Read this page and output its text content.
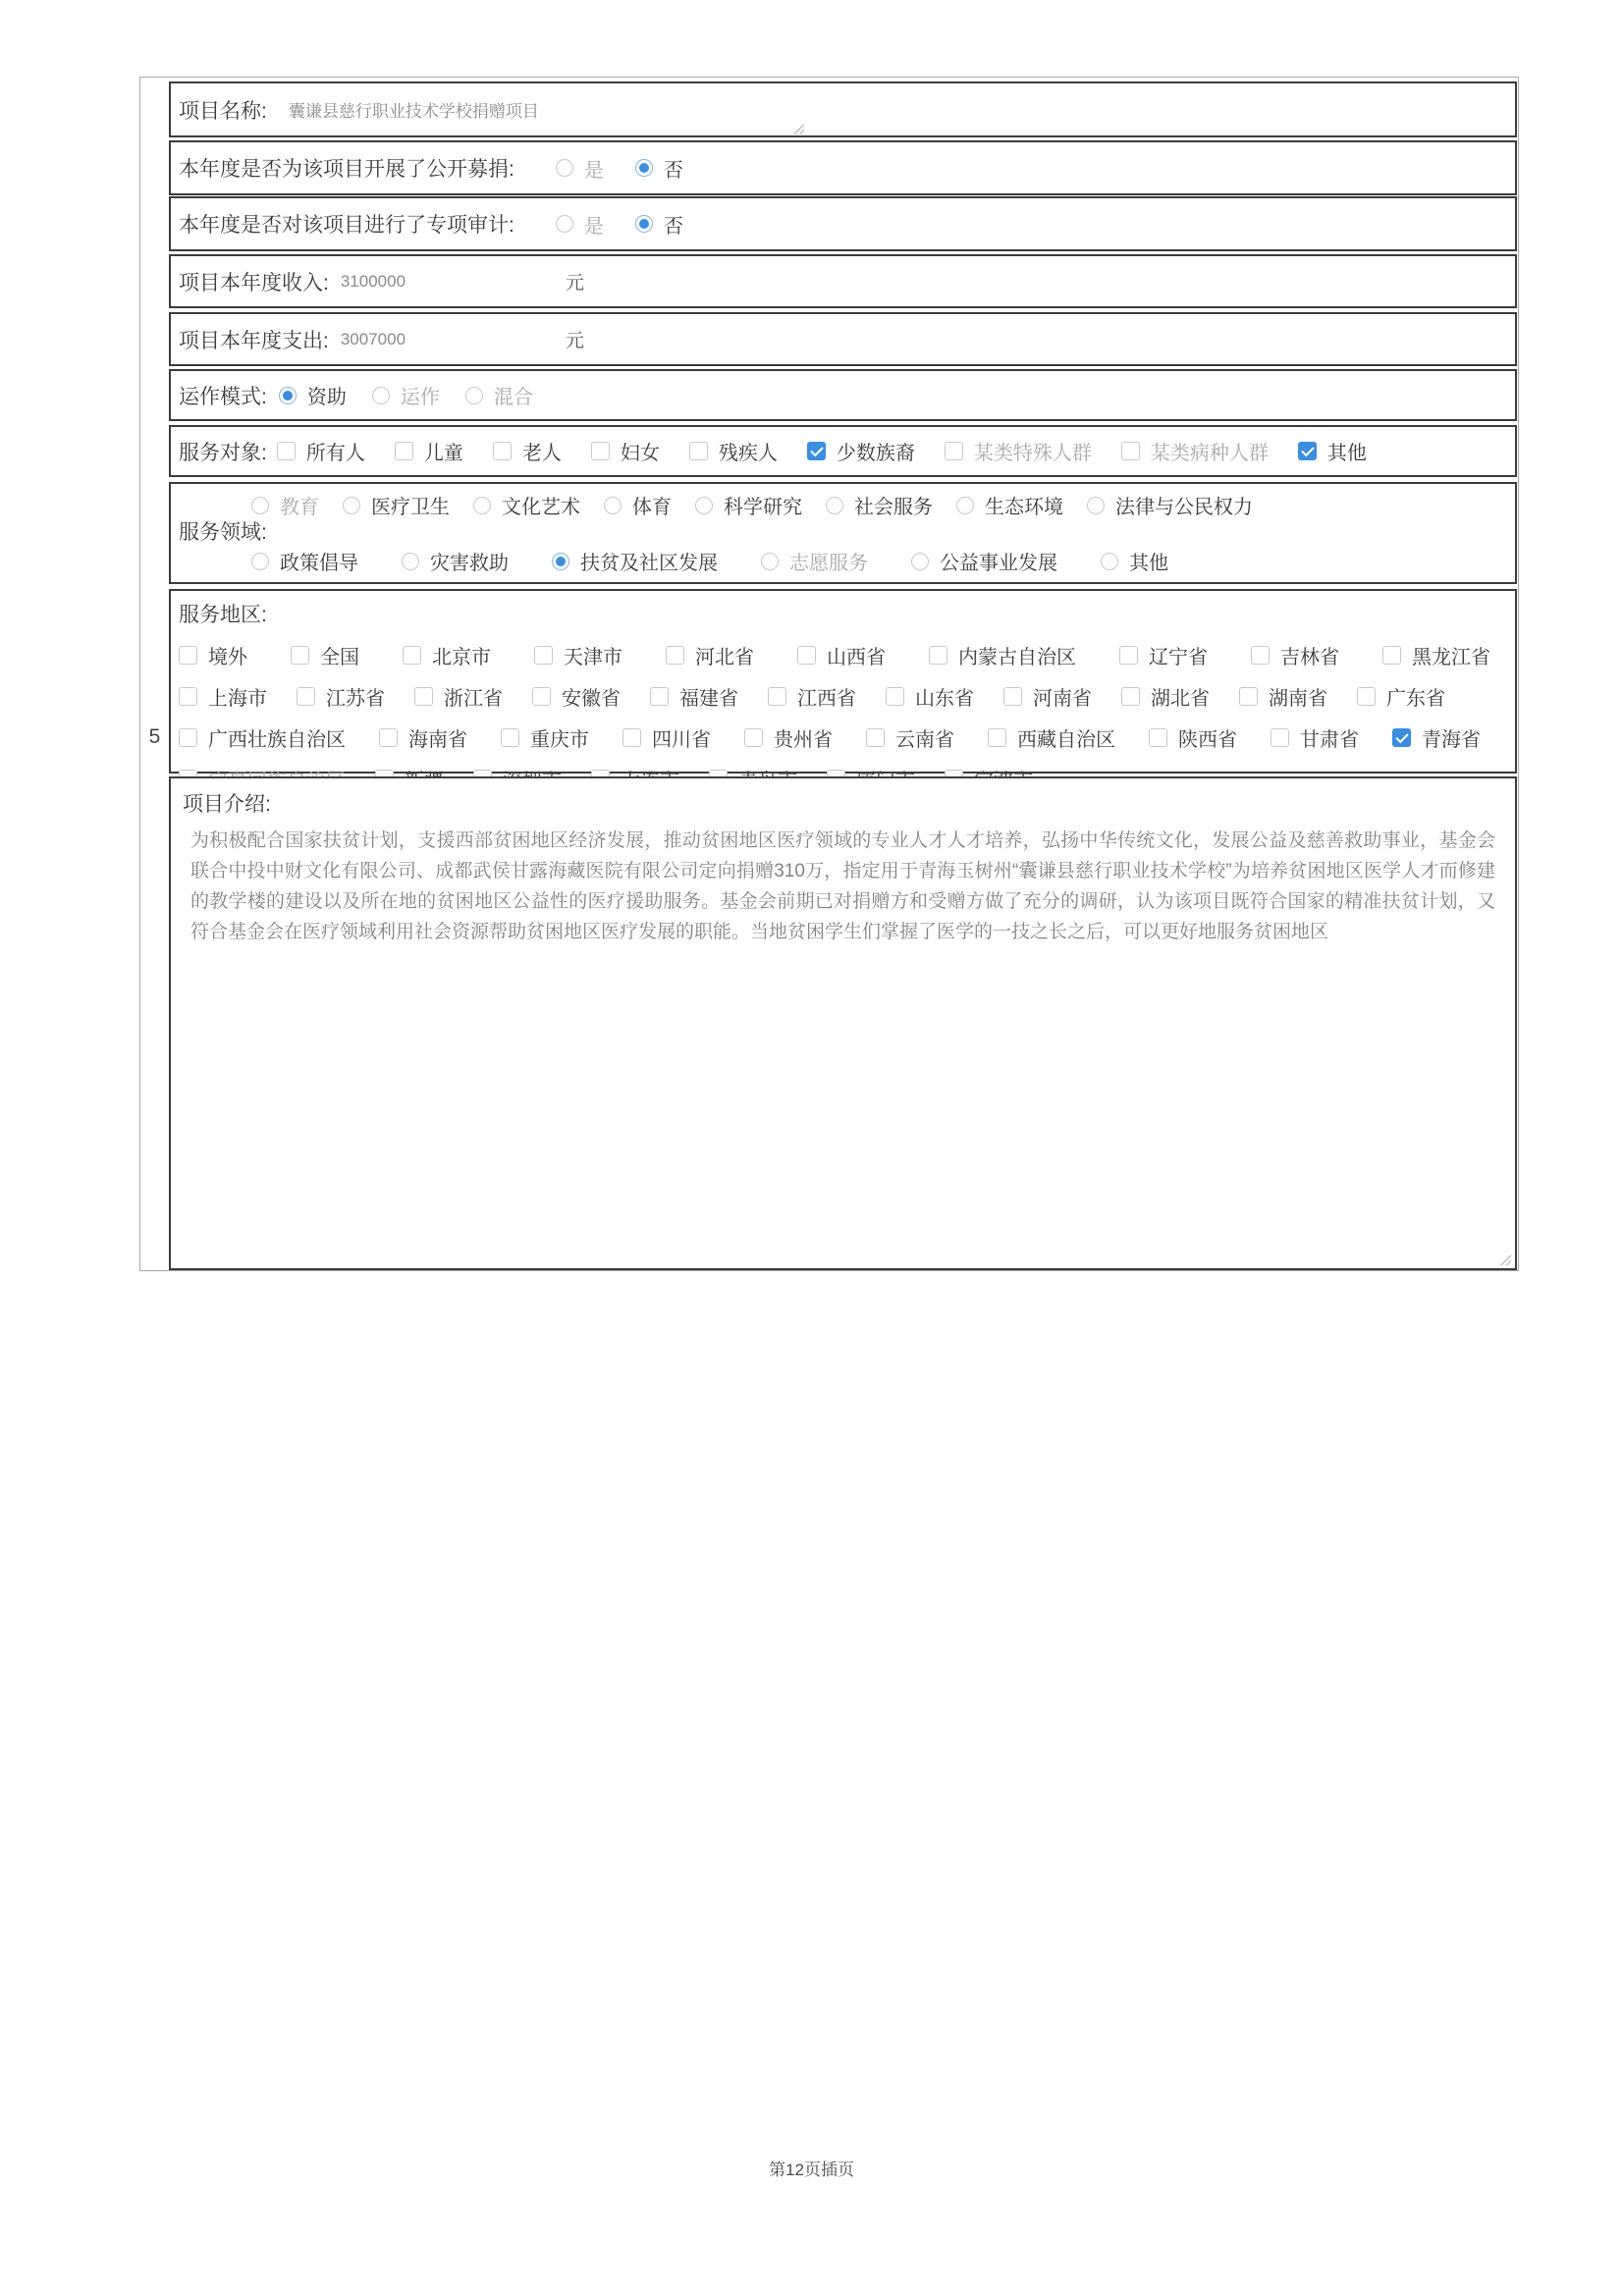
5
项目名称: 囊谦县慈行职业技术学校捐赠项目
本年度是否为该项目开展了公开募捐:	是	否
本年度是否对该项目进行了专项审计:	是	否
项目本年度收入: 3100000	元
项目本年度支出: 3007000	元
运作模式: 资助	运作	混合
服务对象: 所有人	儿童	老人	妇女	残疾人	少数族裔	某类特殊人群	某类病种人群	其他
服务领域:
教育	医疗卫生	文化艺术	体育	科学研究	社会服务	生态环境	法律与公民权力
政策倡导	灾害救助	扶贫及社区发展	志愿服务	公益事业发展	其他
服务地区:
境外	全国	北京市	天津市	河北省	山西省	内蒙古自治区	辽宁省	吉林省	黑龙江省
上海市	江苏省	浙江省	安徽省	福建省	江西省	山东省	河南省	湖北省	湖南省	广东省
广西壮族自治区	海南省	重庆市	四川省	贵州省	云南省	西藏自治区	陕西省	甘肃省	青海省
项目介绍:
为积极配合国家扶贫计划，支援西部贫困地区经济发展，推动贫困地区医疗领域的专业人才人才培养，弘扬中华传统文化，发展公益及慈善救助事业，基金会联合中投中财文化有限公司、成都武侯甘露海藏医院有限公司定向捐赠310万，指定用于青海玉树州“囊谦县慈行职业技术学校”为培养贫困地区医学人才而修建的教学楼的建设以及所在地的贫困地区公益性的医疗援助服务。基金会前期已对捐赠方和受赠方做了充分的调研，认为该项目既符合国家的精准扶贫计划，又符合基金会在医疗领域利用社会资源帮助贫困地区医疗发展的职能。当地贫困学生们掌握了医学的一技之长之后，可以更好地服务贫困地区
第12页插页
